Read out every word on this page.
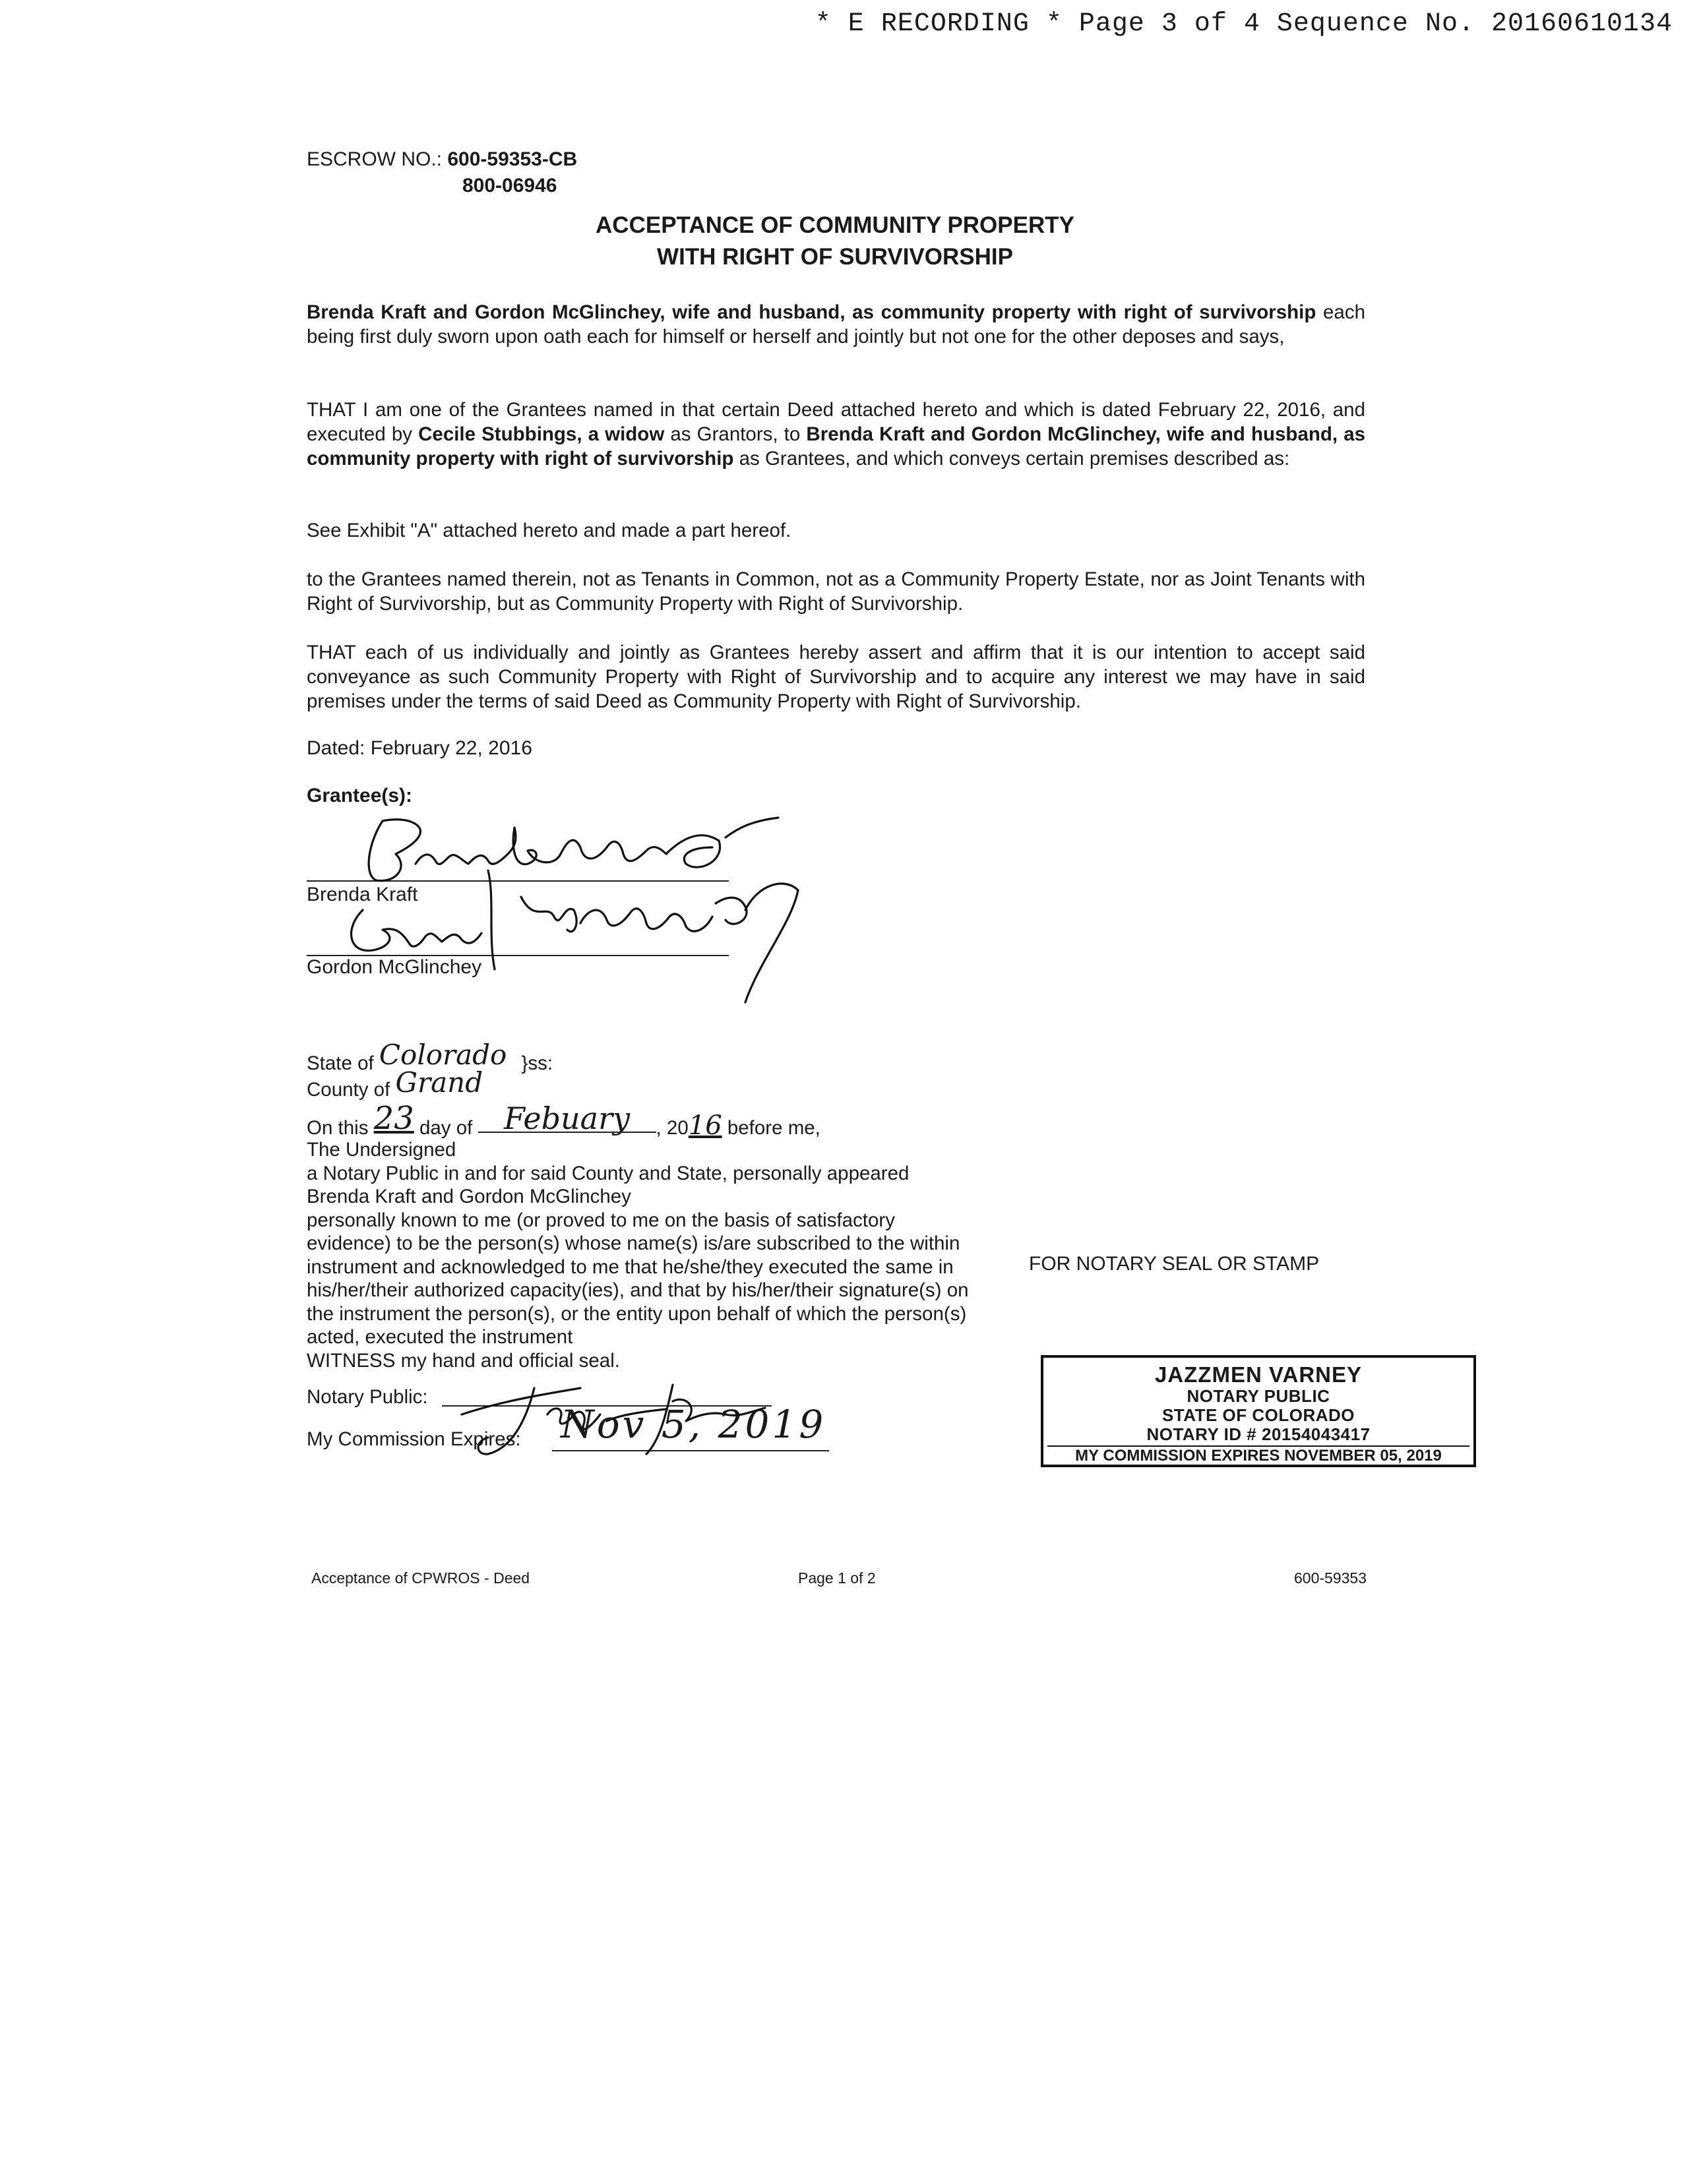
* E RECORDING * Page 3 of 4 Sequence No. 20160610134
ESCROW NO.: 600-59353-CB
800-06946
ACCEPTANCE OF COMMUNITY PROPERTY
WITH RIGHT OF SURVIVORSHIP
Brenda Kraft and Gordon McGlinchey, wife and husband, as community property with right of survivorship each being first duly sworn upon oath each for himself or herself and jointly but not one for the other deposes and says,
THAT I am one of the Grantees named in that certain Deed attached hereto and which is dated February 22, 2016, and executed by Cecile Stubbings, a widow as Grantors, to Brenda Kraft and Gordon McGlinchey, wife and husband, as community property with right of survivorship as Grantees, and which conveys certain premises described as:
See Exhibit "A" attached hereto and made a part hereof.
to the Grantees named therein, not as Tenants in Common, not as a Community Property Estate, nor as Joint Tenants with Right of Survivorship, but as Community Property with Right of Survivorship.
THAT each of us individually and jointly as Grantees hereby assert and affirm that it is our intention to accept said conveyance as such Community Property with Right of Survivorship and to acquire any interest we may have in said premises under the terms of said Deed as Community Property with Right of Survivorship.
Dated: February 22, 2016
Grantee(s):
Brenda Kraft
Gordon McGlinchey
State of Colorado }ss:
County of Grand
On this 23 day of Febuary , 2016 before me,
The Undersigned
a Notary Public in and for said County and State, personally appeared
Brenda Kraft and Gordon McGlinchey
personally known to me (or proved to me on the basis of satisfactory evidence) to be the person(s) whose name(s) is/are subscribed to the within instrument and acknowledged to me that he/she/they executed the same in his/her/their authorized capacity(ies), and that by his/her/their signature(s) on the instrument the person(s), or the entity upon behalf of which the person(s) acted, executed the instrument
WITNESS my hand and official seal.
Notary Public:
My Commission Expires: Nov 5, 2019
FOR NOTARY SEAL OR STAMP
JAZZMEN VARNEY
NOTARY PUBLIC
STATE OF COLORADO
NOTARY ID # 20154043417
MY COMMISSION EXPIRES NOVEMBER 05, 2019
Acceptance of CPWROS - Deed	Page 1 of 2	600-59353
